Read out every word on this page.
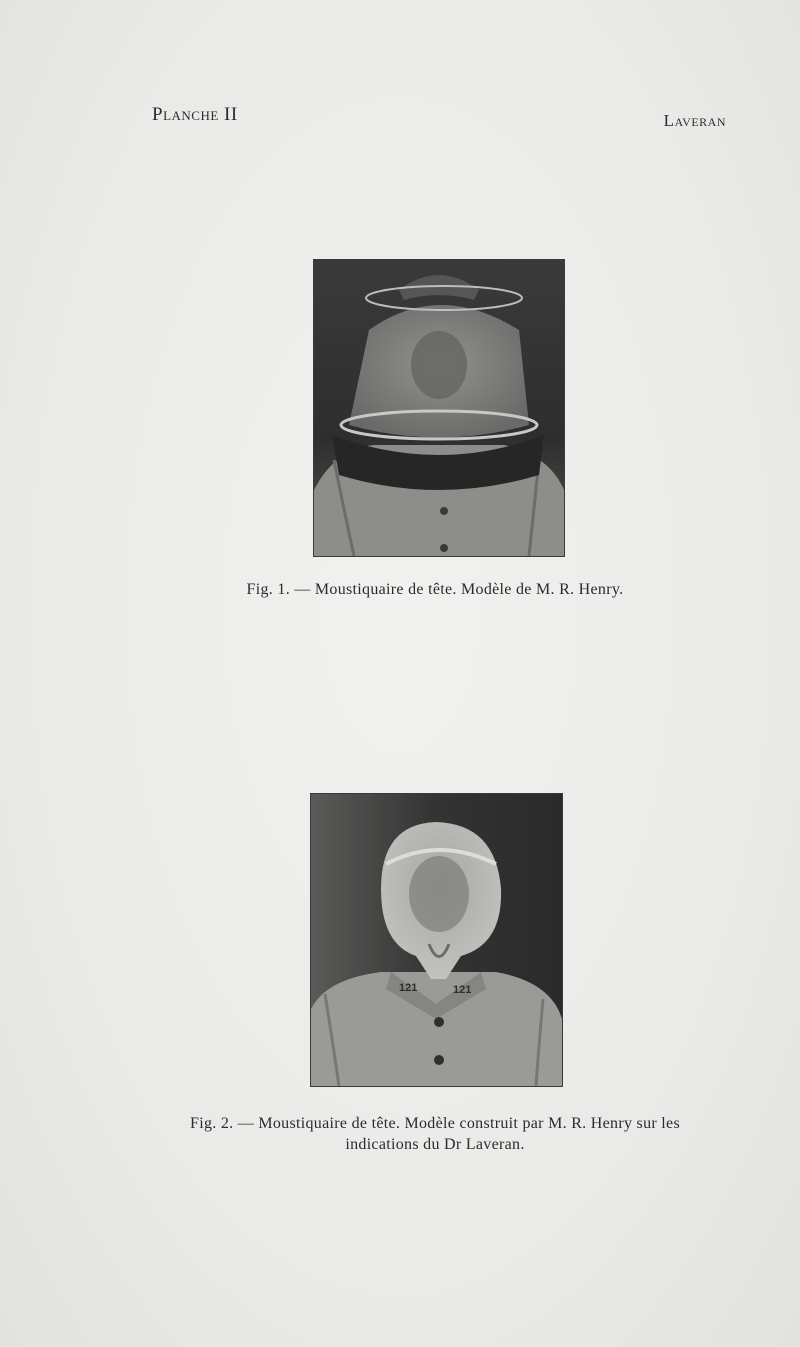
Planche II	Laveran
Fig. 1. — Moustiquaire de tête. Modèle de M. R. Henry.
121	121
Fig. 2. — Moustiquaire de tête. Modèle construit par M. R. Henry sur les
indications du Dr Laveran.
